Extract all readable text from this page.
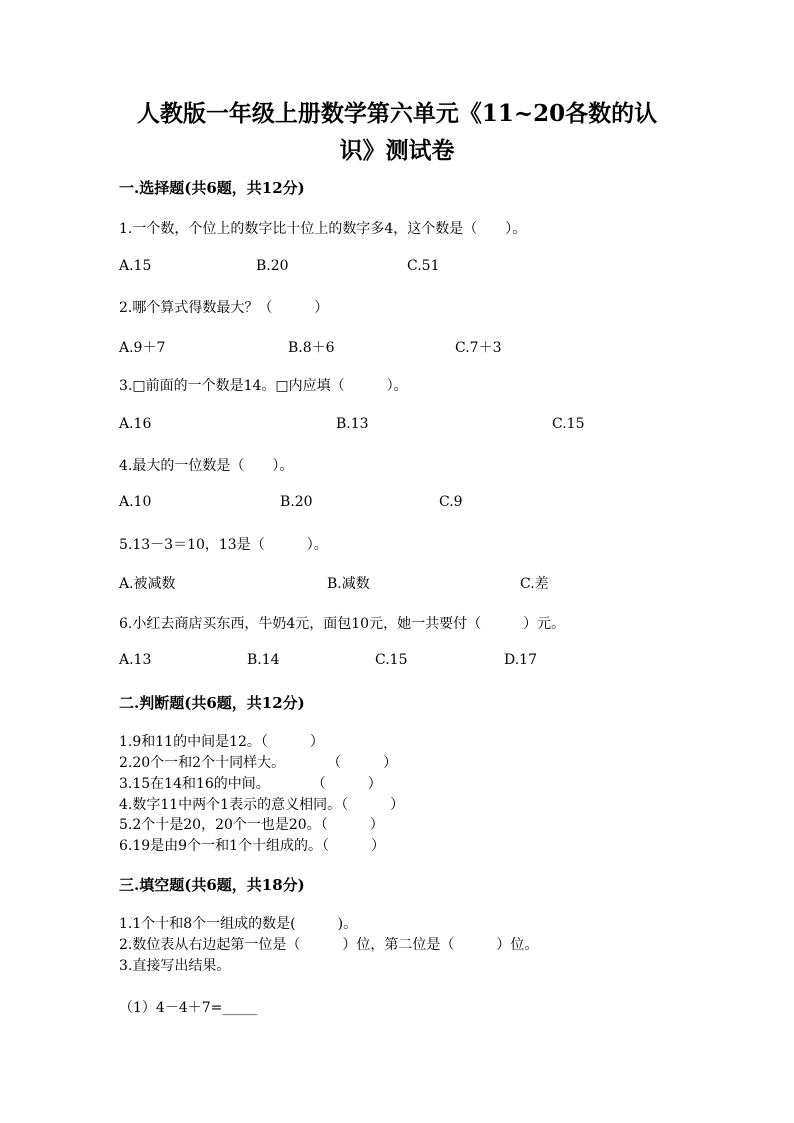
人教版一年级上册数学第六单元《11~20各数的认
识》测试卷
一.选择题(共6题，共12分)
1.一个数，个位上的数字比十位上的数字多4，这个数是（　　）。
A.15	B.20	C.51
2.哪个算式得数最大？（　　　）
A.9＋7	B.8＋6	C.7＋3
3.□前面的一个数是14。□内应填（　　　）。
A.16	B.13	C.15
4.最大的一位数是（　　）。
A.10	B.20	C.9
5.13－3＝10，13是（　　　）。
A.被减数	B.减数	C.差
6.小红去商店买东西，牛奶4元，面包10元，她一共要付（　　　）元。
A.13	B.14	C.15	D.17
二.判断题(共6题，共12分)
1.9和11的中间是12。（　　　）
2.20个一和2个十同样大。　　　　（　　　）
3.15在14和16的中间。　　　　（　　　）
4.数字11中两个1表示的意义相同。（　　　）
5.2个十是20，20个一也是20。（　　　）
6.19是由9个一和1个十组成的。（　　　）
三.填空题(共6题，共18分)
1.1个十和8个一组成的数是(　　　)。
2.数位表从右边起第一位是（　　　）位，第二位是（　　　）位。
3.直接写出结果。
（1）4－4＋7=_____
